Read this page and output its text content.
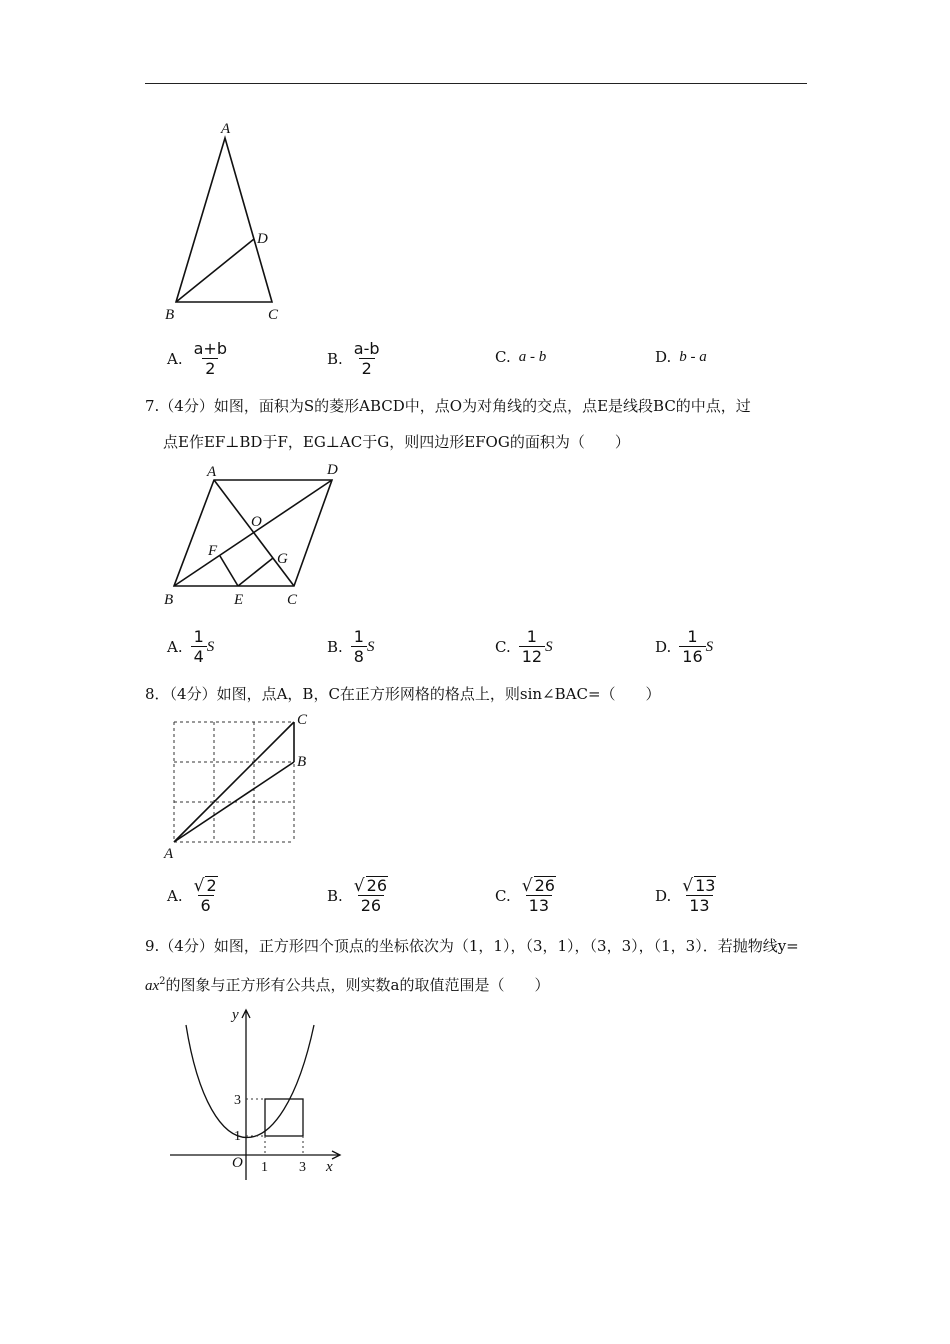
A
D
B	C
A. $\frac{a+b}{2}$	B. $\frac{a-b}{2}$	C. a - b	D. b - a
7.（4分）如图，面积为S的菱形ABCD中，点O为对角线的交点，点E是线段BC的中点，过
点E作EF⊥BD于F，EG⊥AC于G，则四边形EFOG的面积为（　　）
A	D
O
F	G
B	E	C
A. $\frac{1}{4}$ S	B. $\frac{1}{8}$ S	C. $\frac{1}{12}$ S	D. $\frac{1}{16}$ S
8．（4分）如图，点A，B，C在正方形网格的格点上，则sin∠BAC=（　　）
C
B
A
A. $\frac{√ 2}{6}$	B. $\frac{√ 26}{26}$	C. $\frac{√ 26}{13}$	D. $\frac{√ 13}{13}$
9.（4分）如图，正方形四个顶点的坐标依次为（1，1），（3，1），（3，3），（1，3）．若抛物线y=
$ax^2$的图象与正方形有公共点，则实数a的取值范围是（　　）
y
x
O
3
1
1 3
